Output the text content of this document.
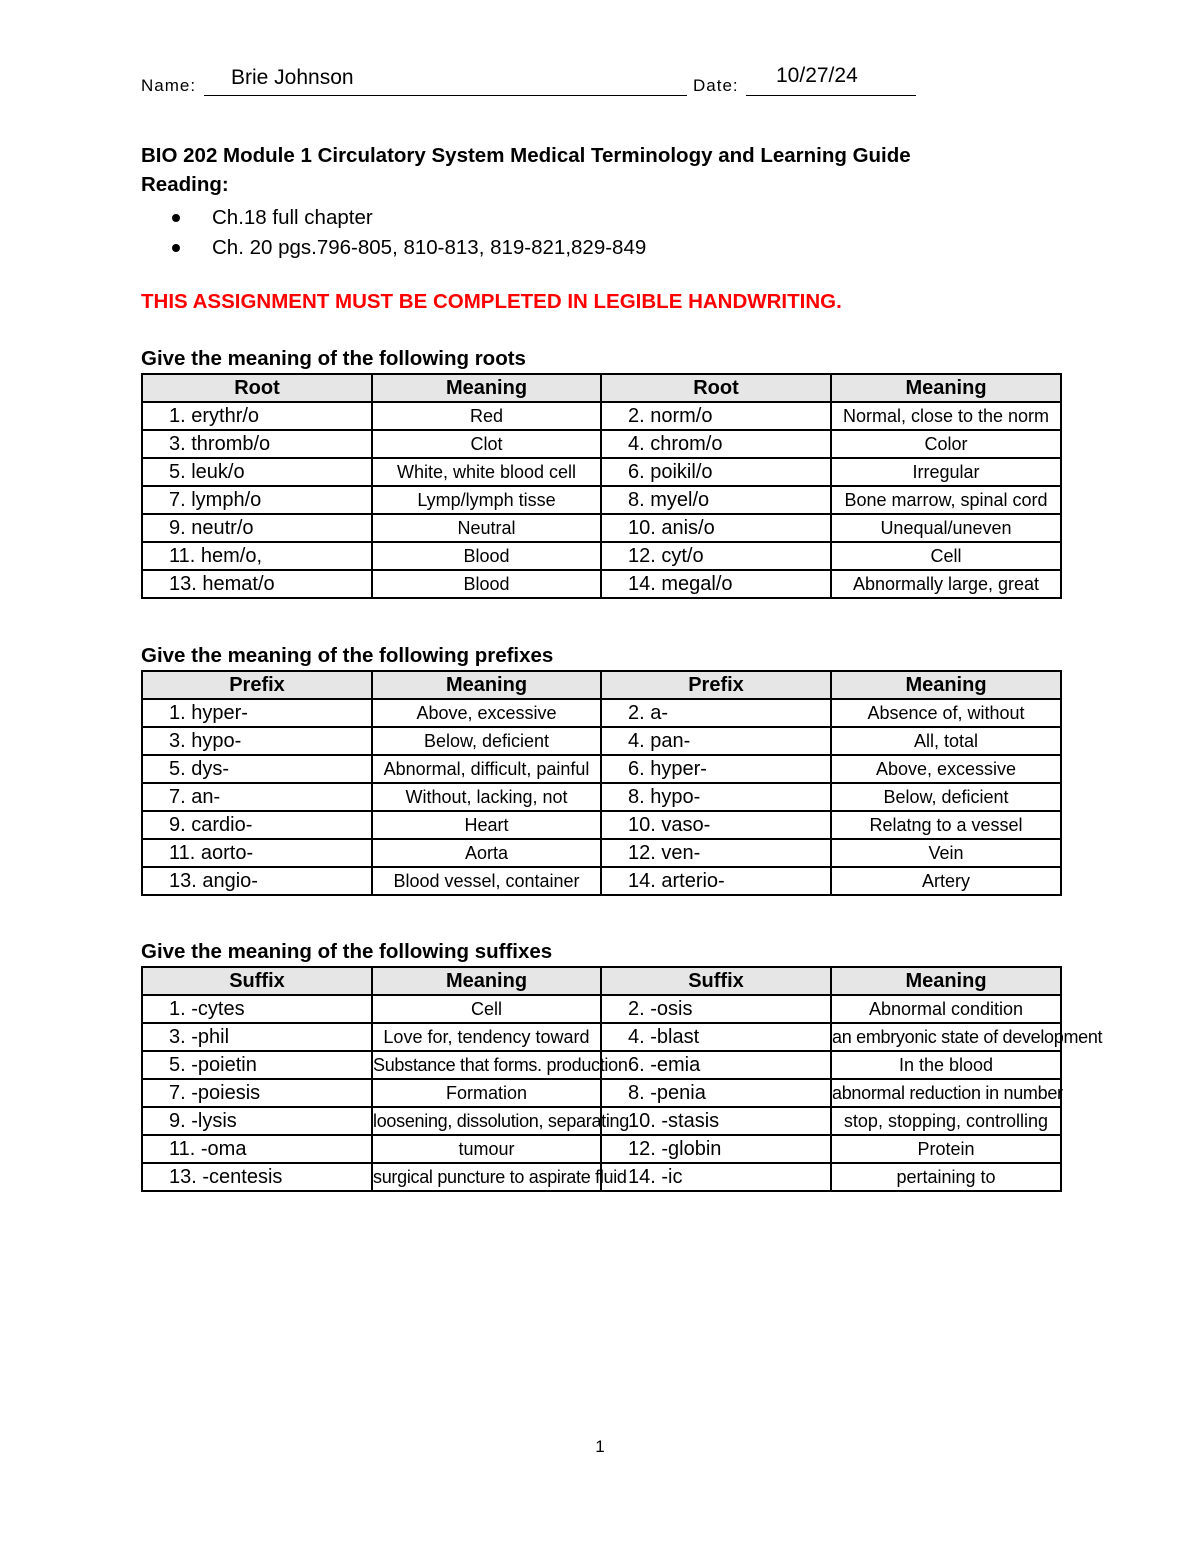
Name: Brie Johnson	Date: 10/27/24
BIO 202 Module 1 Circulatory System Medical Terminology and Learning Guide
Reading:
Ch.18 full chapter
Ch. 20 pgs.796-805, 810-813, 819-821,829-849
THIS ASSIGNMENT MUST BE COMPLETED IN LEGIBLE HANDWRITING.
Give the meaning of the following roots
Root	Meaning	Root	Meaning
1. erythr/o	Red	2. norm/o	Normal, close to the norm
3. thromb/o	Clot	4. chrom/o	Color
5. leuk/o	White, white blood cell	6. poikil/o	Irregular
7. lymph/o	Lymp/lymph tisse	8. myel/o	Bone marrow, spinal cord
9. neutr/o	Neutral	10. anis/o	Unequal/uneven
11. hem/o,	Blood	12. cyt/o	Cell
13. hemat/o	Blood	14. megal/o	Abnormally large, great
Give the meaning of the following prefixes
Prefix	Meaning	Prefix	Meaning
1. hyper-	Above, excessive	2. a-	Absence of, without
3. hypo-	Below, deficient	4. pan-	All, total
5. dys-	Abnormal, difficult, painful	6. hyper-	Above, excessive
7. an-	Without, lacking, not	8. hypo-	Below, deficient
9. cardio-	Heart	10. vaso-	Relatng to a vessel
11. aorto-	Aorta	12. ven-	Vein
13. angio-	Blood vessel, container	14. arterio-	Artery
Give the meaning of the following suffixes
Suffix	Meaning	Suffix	Meaning
1. -cytes	Cell	2. -osis	Abnormal condition
3. -phil	Love for, tendency toward	4. -blast	an embryonic state of development
5. -poietin	Substance that forms. production	6. -emia	In the blood
7. -poiesis	Formation	8. -penia	abnormal reduction in number
9. -lysis	loosening, dissolution, separating	10. -stasis	stop, stopping, controlling
11. -oma	tumour	12. -globin	Protein
13. -centesis	surgical puncture to aspirate fluid	14. -ic	pertaining to
1
